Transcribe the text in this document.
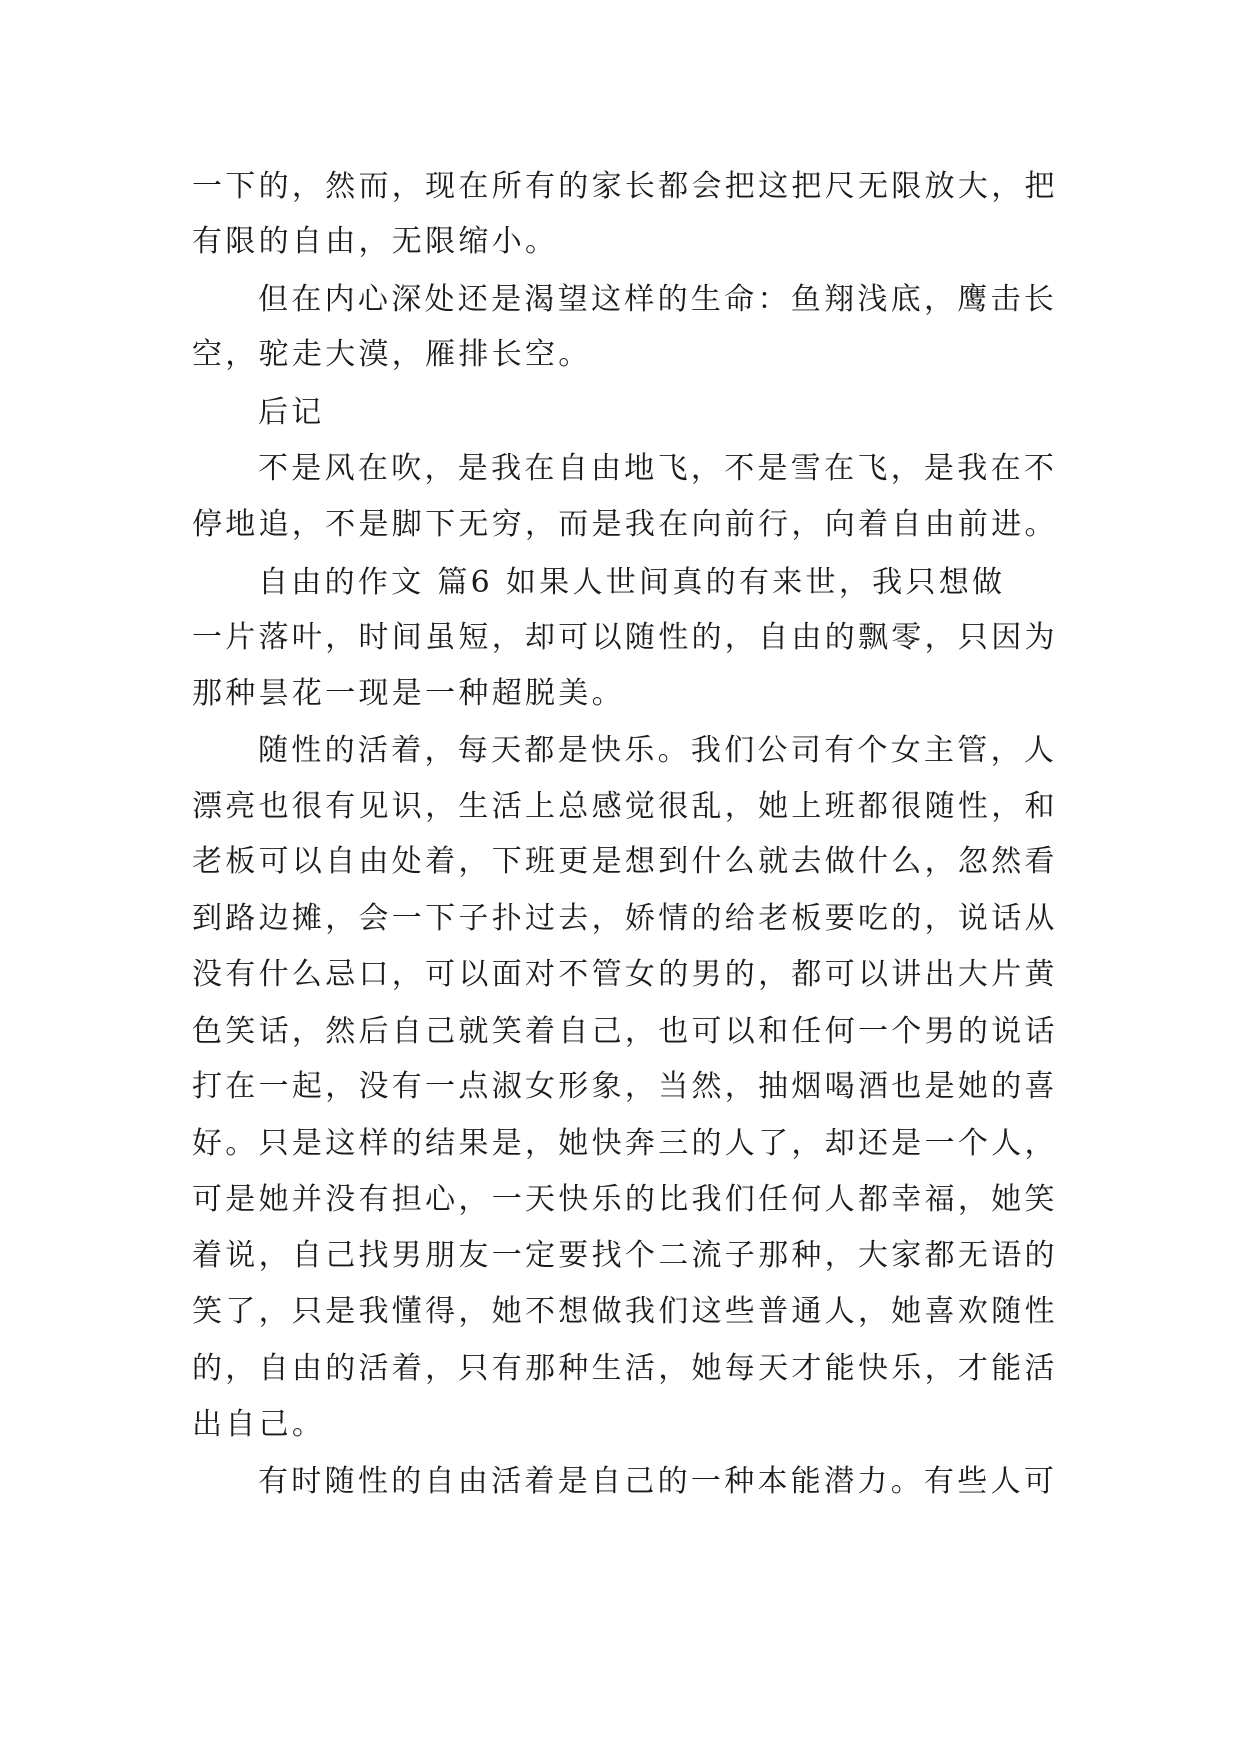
一下的，然而，现在所有的家长都会把这把尺无限放大，把
有限的自由，无限缩小。
但在内心深处还是渴望这样的生命：鱼翔浅底，鹰击长
空，驼走大漠，雁排长空。
后记
不是风在吹，是我在自由地飞，不是雪在飞，是我在不
停地追，不是脚下无穷，而是我在向前行，向着自由前进。
自由的作文 篇6 如果人世间真的有来世，我只想做
一片落叶，时间虽短，却可以随性的，自由的飘零，只因为
那种昙花一现是一种超脱美。
随性的活着，每天都是快乐。我们公司有个女主管，人
漂亮也很有见识，生活上总感觉很乱，她上班都很随性，和
老板可以自由处着，下班更是想到什么就去做什么，忽然看
到路边摊，会一下子扑过去，娇情的给老板要吃的，说话从
没有什么忌口，可以面对不管女的男的，都可以讲出大片黄
色笑话，然后自己就笑着自己，也可以和任何一个男的说话
打在一起，没有一点淑女形象，当然，抽烟喝酒也是她的喜
好。只是这样的结果是，她快奔三的人了，却还是一个人，
可是她并没有担心，一天快乐的比我们任何人都幸福，她笑
着说，自己找男朋友一定要找个二流子那种，大家都无语的
笑了，只是我懂得，她不想做我们这些普通人，她喜欢随性
的，自由的活着，只有那种生活，她每天才能快乐，才能活
出自己。
有时随性的自由活着是自己的一种本能潜力。有些人可
